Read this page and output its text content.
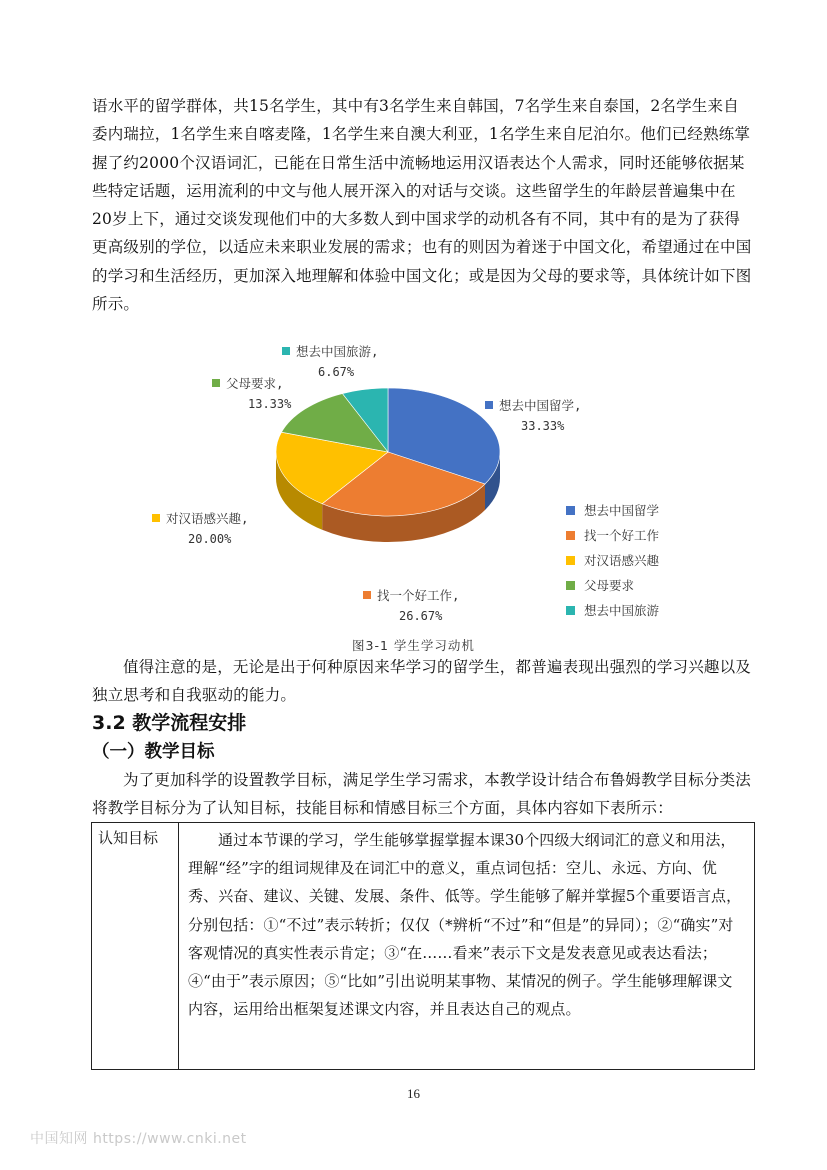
语水平的留学群体，共15名学生，其中有3名学生来自韩国，7名学生来自泰国，2名学生来自委内瑞拉，1名学生来自喀麦隆，1名学生来自澳大利亚，1名学生来自尼泊尔。他们已经熟练掌握了约2000个汉语词汇，已能在日常生活中流畅地运用汉语表达个人需求，同时还能够依据某些特定话题，运用流利的中文与他人展开深入的对话与交谈。这些留学生的年龄层普遍集中在20岁上下，通过交谈发现他们中的大多数人到中国求学的动机各有不同，其中有的是为了获得更高级别的学位，以适应未来职业发展的需求；也有的则因为着迷于中国文化，希望通过在中国的学习和生活经历，更加深入地理解和体验中国文化；或是因为父母的要求等，具体统计如下图所示。
想去中国留学,
33.33%
找一个好工作,
26.67%
对汉语感兴趣,
20.00%
父母要求,
13.33%
想去中国旅游,
6.67%
想去中国留学
找一个好工作
对汉语感兴趣
父母要求
想去中国旅游
图3-1 学生学习动机
值得注意的是，无论是出于何种原因来华学习的留学生，都普遍表现出强烈的学习兴趣以及独立思考和自我驱动的能力。
3.2 教学流程安排
（一）教学目标
为了更加科学的设置教学目标，满足学生学习需求，本教学设计结合布鲁姆教学目标分类法将教学目标分为了认知目标，技能目标和情感目标三个方面，具体内容如下表所示：
认知目标	通过本节课的学习，学生能够掌握掌握本课30个四级大纲词汇的意义和用法，理解“经”字的组词规律及在词汇中的意义，重点词包括：空儿、永远、方向、优秀、兴奋、建议、关键、发展、条件、低等。学生能够了解并掌握5个重要语言点，分别包括：①“不过”表示转折；仅仅（*辨析“不过”和“但是”的异同）；②“确实”对客观情况的真实性表示肯定；③“在……看来”表示下文是发表意见或表达看法；④“由于”表示原因；⑤“比如”引出说明某事物、某情况的例子。学生能够理解课文内容，运用给出框架复述课文内容，并且表达自己的观点。
16
中国知网 https://www.cnki.net
